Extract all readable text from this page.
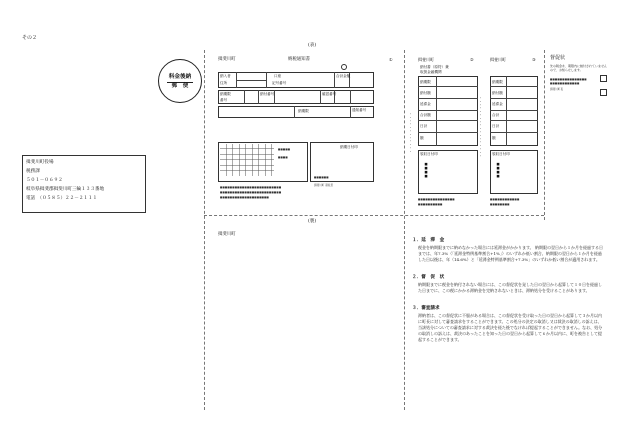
その２
(表)
(裏)
料金後納
郵　便
揖斐川町役場
税務課
５０１－０６９２
岐阜県揖斐郡揖斐川町三輪１３３番地
電話　（０５８５）２２－２１１１
揖斐川町	納税通知書	①
納入者	口座
記号番号
合計金額
住所
納期限
番号
納付番号	確認番号
納期限	通知番号
■■■■■
■■■■
納期日付印
■■■■■■
揖斐川町 領収書
■■■■■■■■■■■■■■■■■■■■■■■■■
■■■■■■■■■■■■■■■■■■■■■■■■■
■■■■■■■■■■■■■■■■■■■■
・・・・・・・・・・・・	・・・・・・・・・・・・・・・・・・
揖斐川町	②
納付書（原符）兼
取扱金融機関
納期限
納付額
延滞金
合計額
日計
額
領収日付印
■■■■
■■■■■■■■■■■■■■■
■■■■■■■■■■
揖斐川町	③
納期限
納付額
延滞金
合計
日計
額
領収日付印
■■■■
■■■■■■■■■■■■
■■■■■■■■
督促状
先の税金を、期限内に納付されていませんので、お知らせします。
■■■■■■■■■■■■■■■
■■■■■■■■■■■■
揖斐川町長
揖斐川町
１．延　滞　金
税金を納期限までに納めなかった場合には延滞金がかかります。 納期限の翌日から１か月を経過する日までは、年7.3%（「延滞金特例基準割合+1%」）のいずれか低い割合、納期限の翌日から１か月を経過した日以後は、年（14.6%）と「延滞金特例基準割合+7.3%」のいずれか低い割合が適用されます。
２．督　促　状
納期限までに税金を納付されない場合には、この督促状を発した日の翌日から起算して１０日を経過した日までに、この税にかかる滞納金を完納されないときは、滞納処分を受けることがあります。
３．審査請求
滞納者は、この督促状に不服がある場合は、この督促状を受け取った日の翌日から起算して３か月以内に町長に対して審査請求をすることができます。この処分の決定の取消し又は裁決の取消しの訴えは、当該処分についての審査請求に対する裁決を経た後でなければ提起することができません。なお、処分の取消しの訴えは、裁決のあったことを知った日の翌日から起算して６か月以内に、町を被告として提起することができます。
